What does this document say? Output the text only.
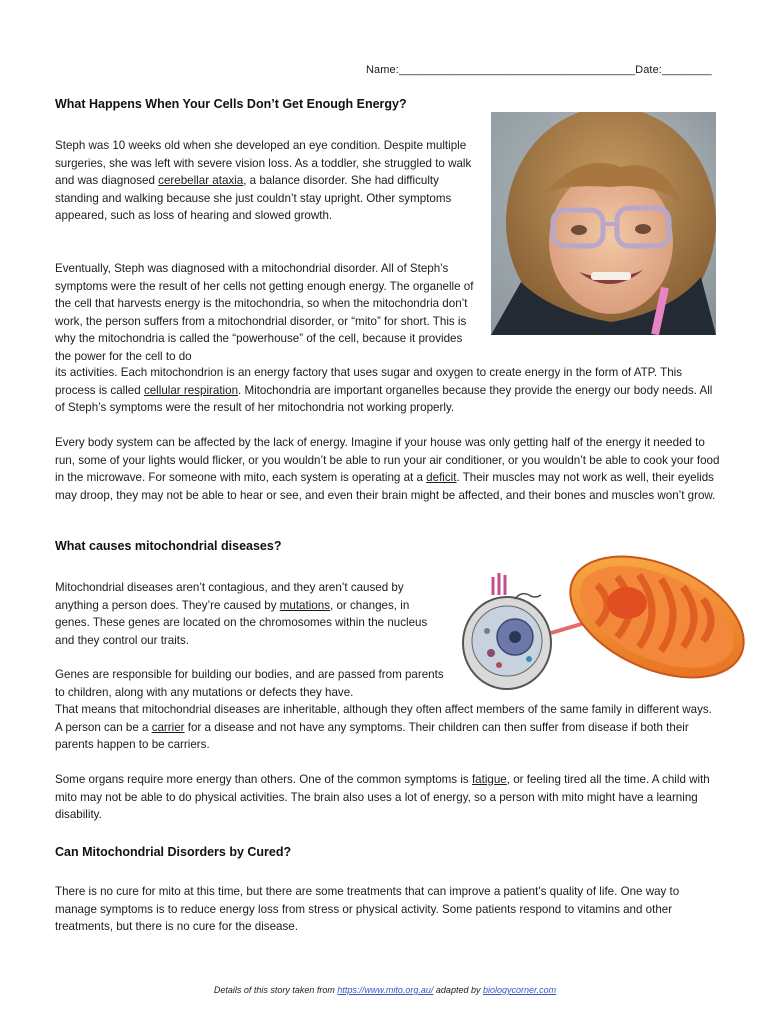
Name:______________________________________Date:________
What Happens When Your Cells Don’t Get Enough Energy?

Steph was 10 weeks old when she developed an eye condition. Despite multiple surgeries, she was left with severe vision loss. As a toddler, she struggled to walk and was diagnosed cerebellar ataxia, a balance disorder. She had difficulty standing and walking because she just couldn’t stay upright. Other symptoms appeared, such as loss of hearing and slowed growth.

Eventually, Steph was diagnosed with a mitochondrial disorder. All of Steph’s symptoms were the result of her cells not getting enough energy. The organelle of the cell that harvests energy is the mitochondria, so when the mitochondria don’t work, the person suffers from a mitochondrial disorder, or “mito” for short. This is why the mitochondria is called the “powerhouse” of the cell, because it provides the power for the cell to do

its activities. Each mitochondrion is an energy factory that uses sugar and oxygen to create energy in the form of ATP. This process is called cellular respiration. Mitochondria are important organelles because they provide the energy our body needs. All of Steph’s symptoms were the result of her mitochondria not working properly.

Every body system can be affected by the lack of energy. Imagine if your house was only getting half of the energy it needed to run, some of your lights would flicker, or you wouldn’t be able to run your air conditioner, or you wouldn’t be able to cook your food in the microwave. For someone with mito, each system is operating at a deficit. Their muscles may not work as well, their eyelids may droop, they may not be able to hear or see, and even their brain might be affected, and their bones and muscles won’t grow.

What causes mitochondrial diseases?

Mitochondrial diseases aren’t contagious, and they aren’t caused by anything a person does. They’re caused by mutations, or changes, in genes. These genes are located on the chromosomes within the nucleus and they control our traits.

Genes are responsible for building our bodies, and are passed from parents to children, along with any mutations or defects they have.

That means that mitochondrial diseases are inheritable, although they often affect members of the same family in different ways. A person can be a carrier for a disease and not have any symptoms. Their children can then suffer from disease if both their parents happen to be carriers.

Some organs require more energy than others. One of the common symptoms is fatigue, or feeling tired all the time. A child with mito may not be able to do physical activities. The brain also uses a lot of energy, so a person with mito might have a learning disability.

Can Mitochondrial Disorders by Cured?

There is no cure for mito at this time, but there are some treatments that can improve a patient’s quality of life. One way to manage symptoms is to reduce energy loss from stress or physical activity. Some patients respond to vitamins and other treatments, but there is no cure for the disease.

Details of this story taken from https://www.mito.org.au/ adapted by biologycorner.com
